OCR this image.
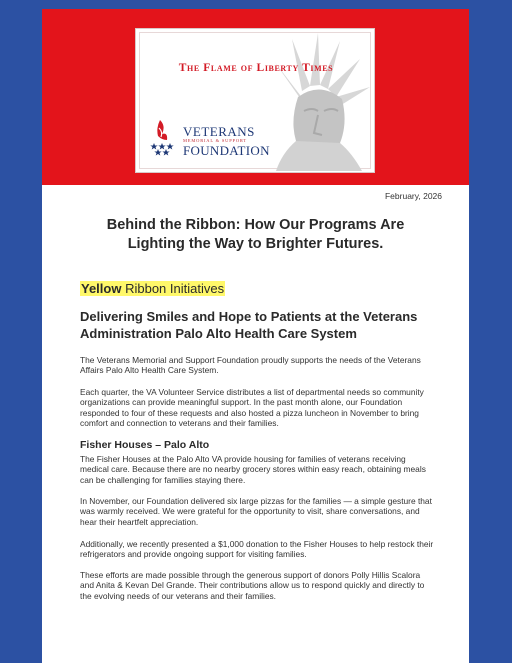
The Flame of Liberty Times
VETERANS
MEMORIAL & SUPPORT
FOUNDATION
February, 2026
Behind the Ribbon: How Our Programs Are Lighting the Way to Brighter Futures.
Yellow Ribbon Initiatives
Delivering Smiles and Hope to Patients at the Veterans Administration Palo Alto Health Care System

The Veterans Memorial and Support Foundation proudly supports the needs of the Veterans Affairs Palo Alto Health Care System.

Each quarter, the VA Volunteer Service distributes a list of departmental needs so community organizations can provide meaningful support. In the past month alone, our Foundation responded to four of these requests and also hosted a pizza luncheon in November to bring comfort and connection to veterans and their families.

Fisher Houses – Palo Alto

The Fisher Houses at the Palo Alto VA provide housing for families of veterans receiving medical care. Because there are no nearby grocery stores within easy reach, obtaining meals can be challenging for families staying there.

In November, our Foundation delivered six large pizzas for the families — a simple gesture that was warmly received. We were grateful for the opportunity to visit, share conversations, and hear their heartfelt appreciation.

Additionally, we recently presented a $1,000 donation to the Fisher Houses to help restock their refrigerators and provide ongoing support for visiting families.

These efforts are made possible through the generous support of donors Polly Hillis Scalora and Anita & Kevan Del Grande. Their contributions allow us to respond quickly and directly to the evolving needs of our veterans and their families.
